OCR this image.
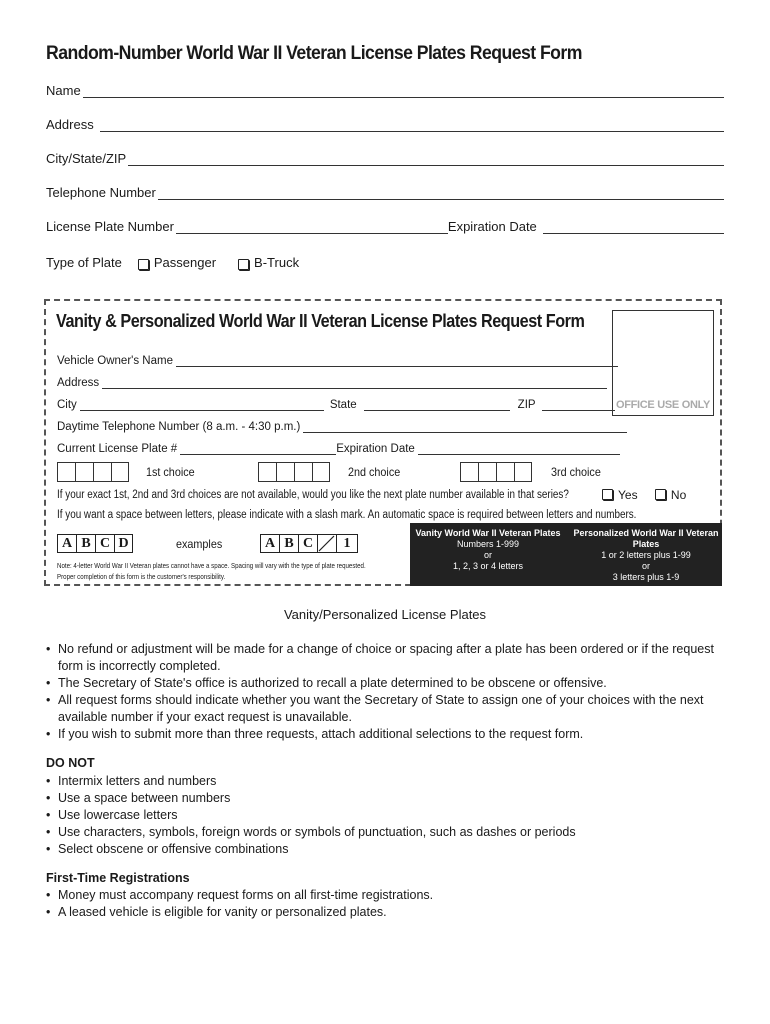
Random-Number World War II Veteran License Plates Request Form
Name
Address
City/State/ZIP
Telephone Number
License Plate Number	Expiration Date
Type of Plate Passenger	B-Truck
Vanity & Personalized World War II Veteran License Plates Request Form
OFFICE USE ONLY
Vehicle Owner's Name
Address
City	State	ZIP
Daytime Telephone Number (8 a.m. - 4:30 p.m.)
Current License Plate #	Expiration Date
1st choice	2nd choice	3rd choice
If your exact 1st, 2nd and 3rd choices are not available, would you like the next plate number available in that series?	Yes	No
If you want a space between letters, please indicate with a slash mark. An automatic space is required between letters and numbers.
A B C D	examples	A B C	1
Note: 4-letter World War II Veteran plates cannot have a space. Spacing will vary with the type of plate requested.
Proper completion of this form is the customer's responsibility.
Vanity World War II Veteran Plates
Numbers 1-999
or
1, 2, 3 or 4 letters
Personalized World War II Veteran Plates
1 or 2 letters plus 1-99
or
3 letters plus 1-9
Vanity/Personalized License Plates
• No refund or adjustment will be made for a change of choice or spacing after a plate has been ordered or if the request form is incorrectly completed.
• The Secretary of State's office is authorized to recall a plate determined to be obscene or offensive.
• All request forms should indicate whether you want the Secretary of State to assign one of your choices with the next available number if your exact request is unavailable.
• If you wish to submit more than three requests, attach additional selections to the request form.

DO NOT

• Intermix letters and numbers
• Use a space between numbers
• Use lowercase letters
• Use characters, symbols, foreign words or symbols of punctuation, such as dashes or periods
• Select obscene or offensive combinations

First-Time Registrations

• Money must accompany request forms on all first-time registrations.
• A leased vehicle is eligible for vanity or personalized plates.
